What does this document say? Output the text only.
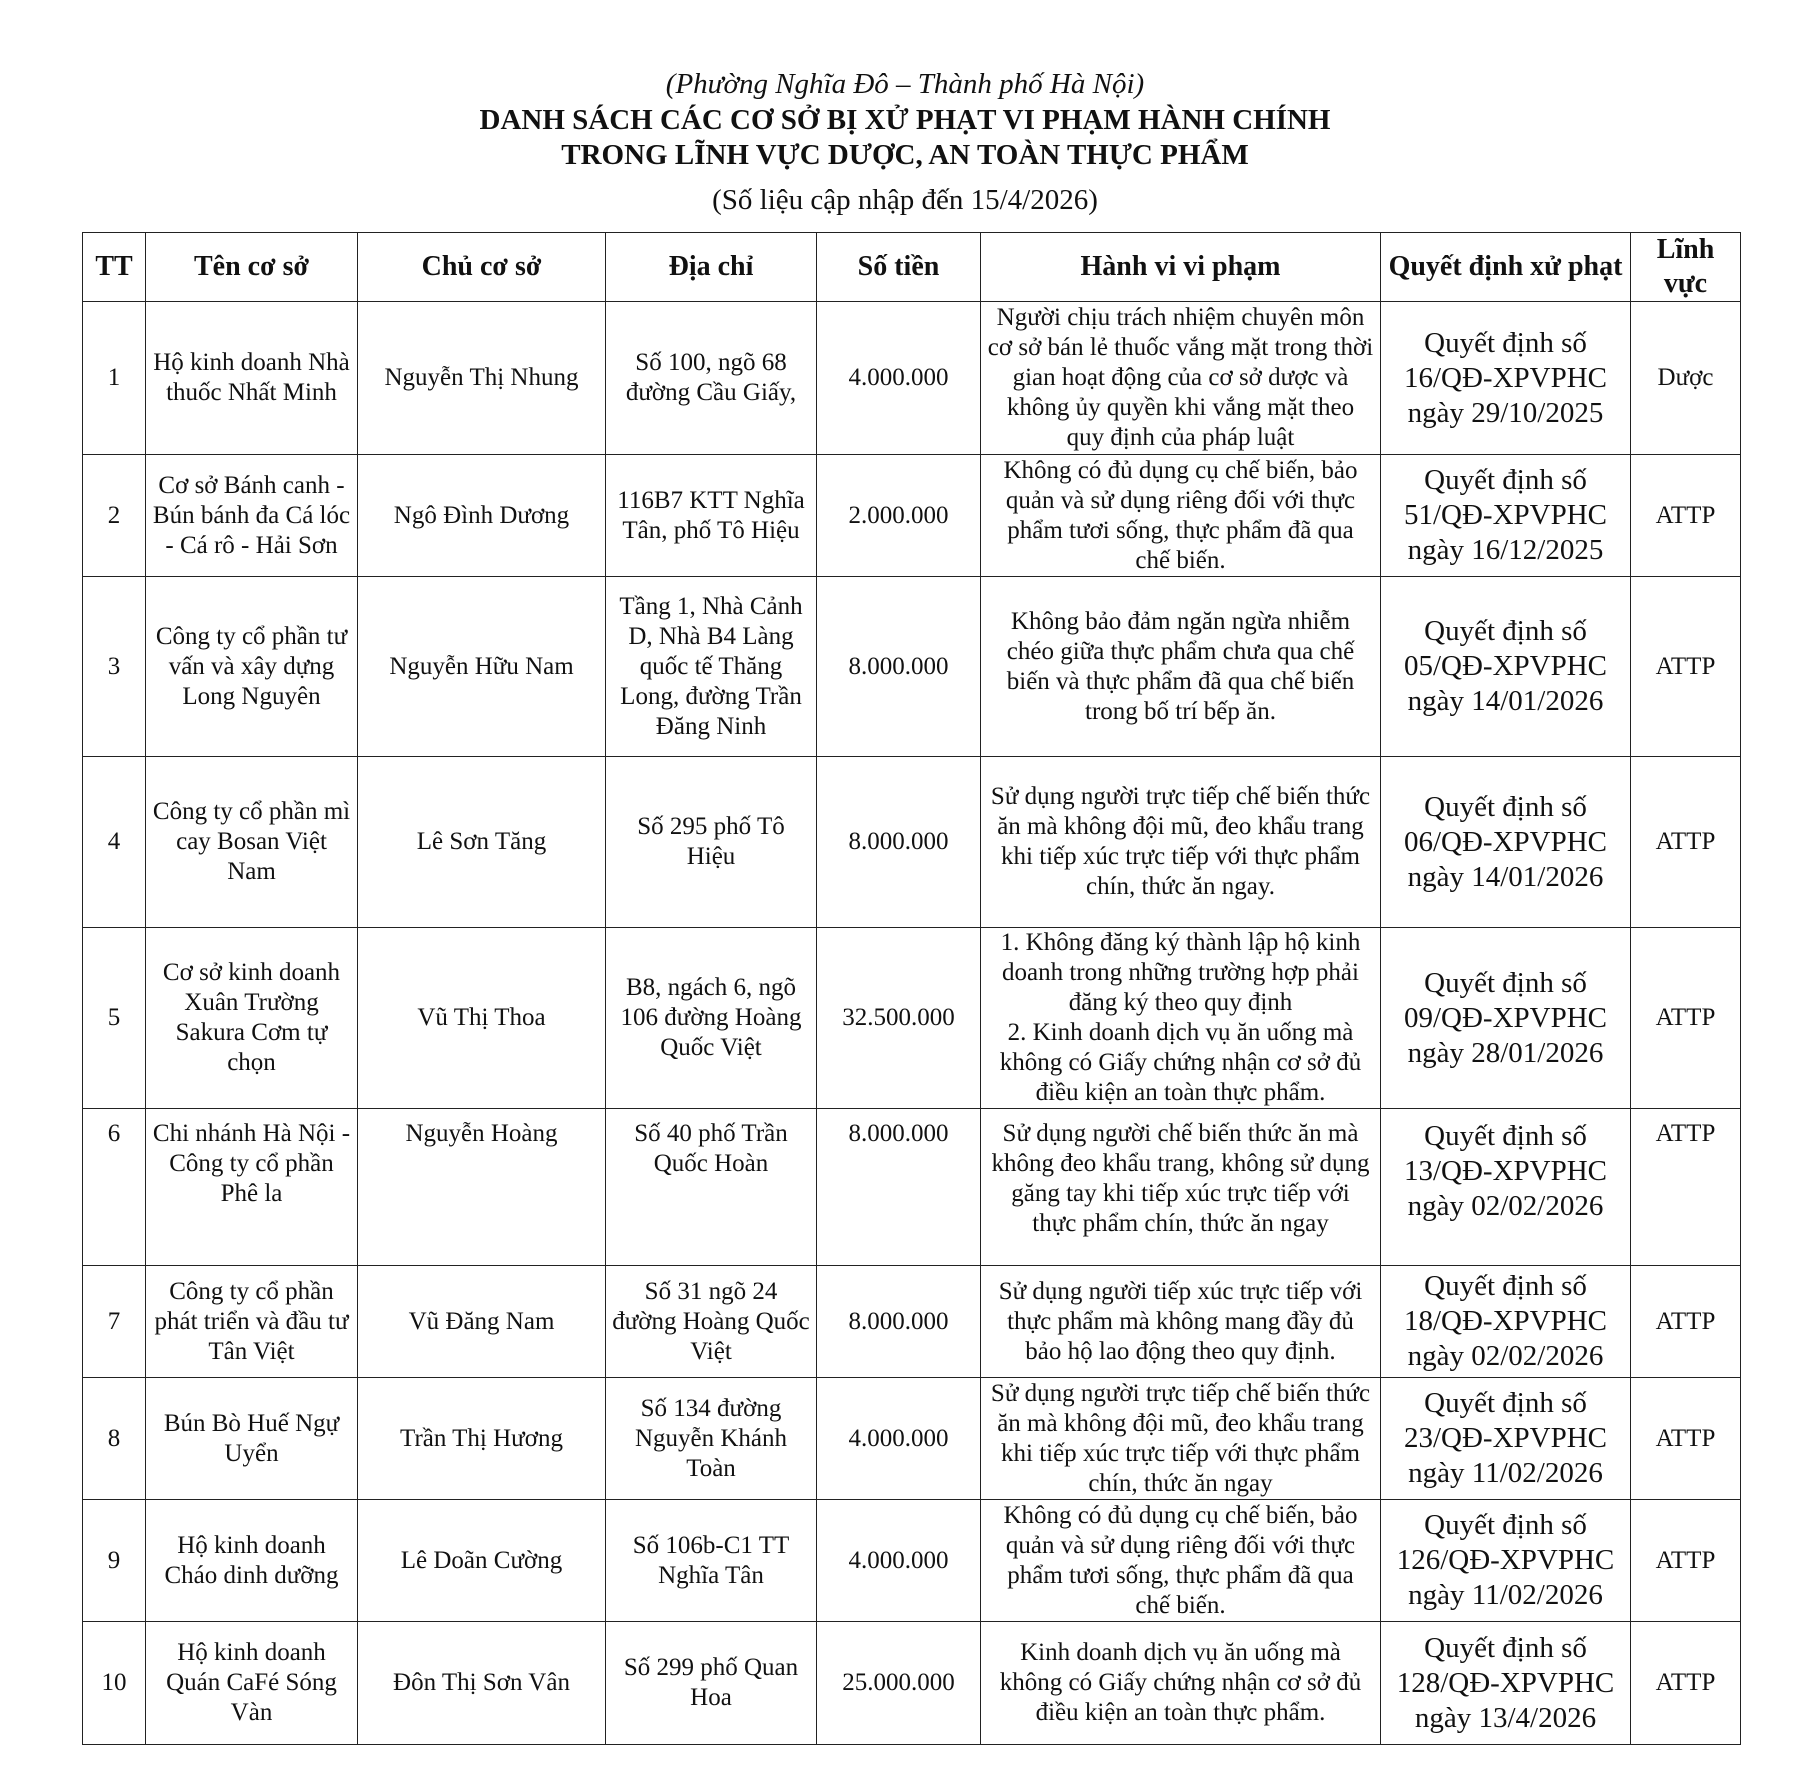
(Phường Nghĩa Đô – Thành phố Hà Nội)
DANH SÁCH CÁC CƠ SỞ BỊ XỬ PHẠT VI PHẠM HÀNH CHÍNH
TRONG LĨNH VỰC DƯỢC, AN TOÀN THỰC PHẨM
(Số liệu cập nhập đến 15/4/2026)
TT	Tên cơ sở	Chủ cơ sở	Địa chỉ	Số tiền	Hành vi vi phạm	Quyết định xử phạt	Lĩnh vực
1	Hộ kinh doanh Nhà thuốc Nhất Minh	Nguyễn Thị Nhung	Số 100, ngõ 68 đường Cầu Giấy,	4.000.000	Người chịu trách nhiệm chuyên môn cơ sở bán lẻ thuốc vắng mặt trong thời gian hoạt động của cơ sở dược và không ủy quyền khi vắng mặt theo quy định của pháp luật	Quyết định số 16/QĐ-XPVPHC ngày 29/10/2025	Dược
2	Cơ sở Bánh canh - Bún bánh đa Cá lóc - Cá rô - Hải Sơn	Ngô Đình Dương	116B7 KTT Nghĩa Tân, phố Tô Hiệu	2.000.000	Không có đủ dụng cụ chế biến, bảo quản và sử dụng riêng đối với thực phẩm tươi sống, thực phẩm đã qua chế biến.	Quyết định số 51/QĐ-XPVPHC ngày 16/12/2025	ATTP
3	Công ty cổ phần tư vấn và xây dựng Long Nguyên	Nguyễn Hữu Nam	Tầng 1, Nhà Cảnh D, Nhà B4 Làng quốc tế Thăng Long, đường Trần Đăng Ninh	8.000.000	Không bảo đảm ngăn ngừa nhiễm chéo giữa thực phẩm chưa qua chế biến và thực phẩm đã qua chế biến trong bố trí bếp ăn.	Quyết định số 05/QĐ-XPVPHC ngày 14/01/2026	ATTP
4	Công ty cổ phần mì cay Bosan Việt Nam	Lê Sơn Tăng	Số 295 phố Tô Hiệu	8.000.000	Sử dụng người trực tiếp chế biến thức ăn mà không đội mũ, đeo khẩu trang khi tiếp xúc trực tiếp với thực phẩm chín, thức ăn ngay.	Quyết định số 06/QĐ-XPVPHC ngày 14/01/2026	ATTP
5	Cơ sở kinh doanh Xuân Trường Sakura Cơm tự chọn	Vũ Thị Thoa	B8, ngách 6, ngõ 106 đường Hoàng Quốc Việt	32.500.000	1. Không đăng ký thành lập hộ kinh doanh trong những trường hợp phải đăng ký theo quy định
2. Kinh doanh dịch vụ ăn uống mà không có Giấy chứng nhận cơ sở đủ điều kiện an toàn thực phẩm.	Quyết định số 09/QĐ-XPVPHC ngày 28/01/2026	ATTP
6	Chi nhánh Hà Nội - Công ty cổ phần Phê la	Nguyễn Hoàng	Số 40 phố Trần Quốc Hoàn	8.000.000	Sử dụng người chế biến thức ăn mà không đeo khẩu trang, không sử dụng găng tay khi tiếp xúc trực tiếp với thực phẩm chín, thức ăn ngay	Quyết định số 13/QĐ-XPVPHC ngày 02/02/2026	ATTP
7	Công ty cổ phần phát triển và đầu tư Tân Việt	Vũ Đăng Nam	Số 31 ngõ 24 đường Hoàng Quốc Việt	8.000.000	Sử dụng người tiếp xúc trực tiếp với thực phẩm mà không mang đầy đủ bảo hộ lao động theo quy định.	Quyết định số 18/QĐ-XPVPHC ngày 02/02/2026	ATTP
8	Bún Bò Huế Ngự Uyển	Trần Thị Hương	Số 134 đường Nguyễn Khánh Toàn	4.000.000	Sử dụng người trực tiếp chế biến thức ăn mà không đội mũ, đeo khẩu trang khi tiếp xúc trực tiếp với thực phẩm chín, thức ăn ngay	Quyết định số 23/QĐ-XPVPHC ngày 11/02/2026	ATTP
9	Hộ kinh doanh Cháo dinh dưỡng	Lê Doãn Cường	Số 106b-C1 TT Nghĩa Tân	4.000.000	Không có đủ dụng cụ chế biến, bảo quản và sử dụng riêng đối với thực phẩm tươi sống, thực phẩm đã qua chế biến.	Quyết định số 126/QĐ-XPVPHC ngày 11/02/2026	ATTP
10	Hộ kinh doanh Quán CaFé Sóng Vàn	Đôn Thị Sơn Vân	Số 299 phố Quan Hoa	25.000.000	Kinh doanh dịch vụ ăn uống mà không có Giấy chứng nhận cơ sở đủ điều kiện an toàn thực phẩm.	Quyết định số 128/QĐ-XPVPHC ngày 13/4/2026	ATTP
